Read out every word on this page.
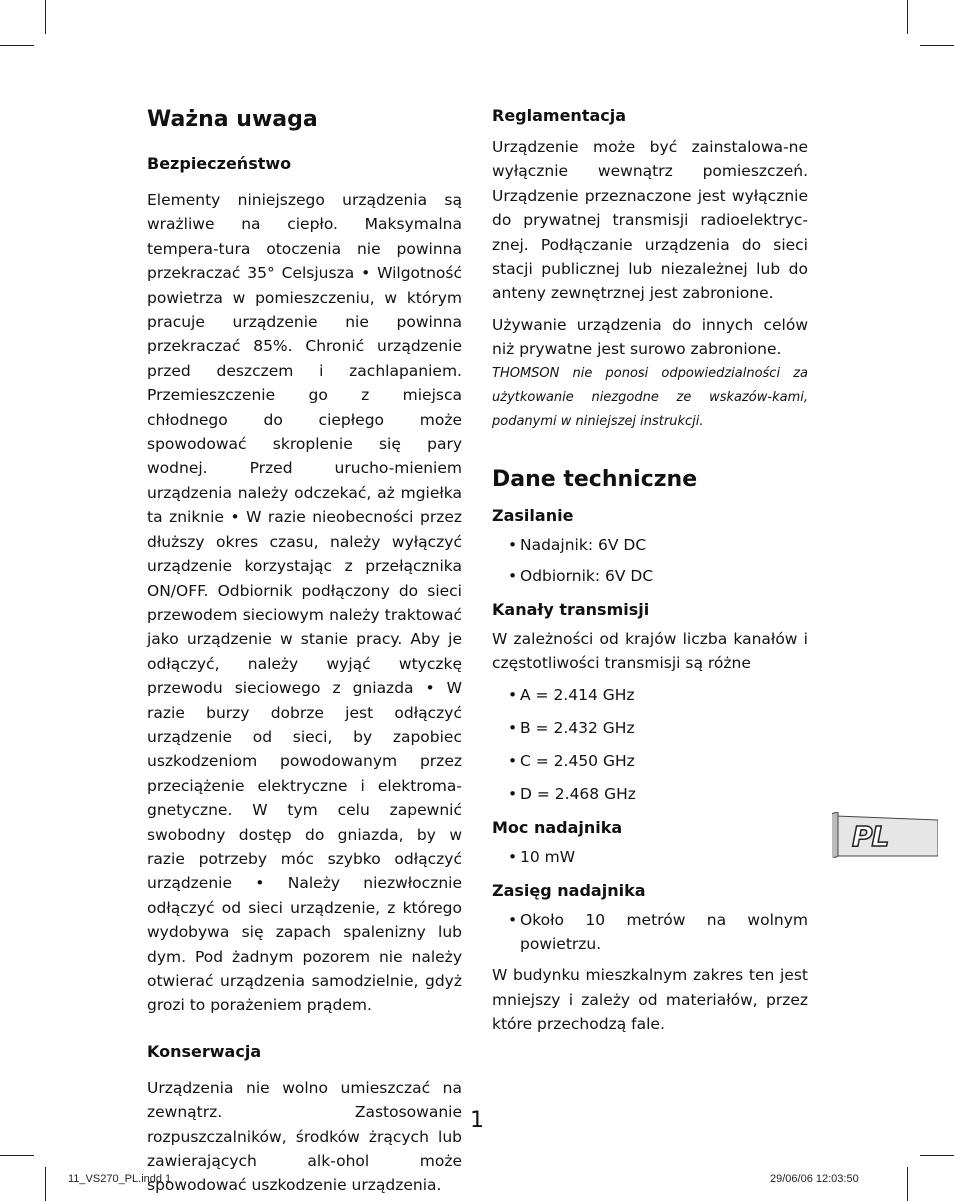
Ważna uwaga
Bezpieczeństwo

Elementy niniejszego urządzenia są wrażliwe na ciepło. Maksymalna tempera-tura otoczenia nie powinna przekraczać 35° Celsjusza • Wilgotność powietrza w pomieszczeniu, w którym pracuje urządzenie nie powinna przekraczać 85%. Chronić urządzenie przed deszczem i zachlapaniem. Przemieszczenie go z miejsca chłodnego do ciepłego może spowodować skroplenie się pary wodnej. Przed urucho-mieniem urządzenia należy odczekać, aż mgiełka ta zniknie • W razie nieobecności przez dłuższy okres czasu, należy wyłączyć urządzenie korzystając z przełącznika ON/OFF. Odbiornik podłączony do sieci przewodem sieciowym należy traktować jako urządzenie w stanie pracy. Aby je odłączyć, należy wyjąć wtyczkę przewodu sieciowego z gniazda • W razie burzy dobrze jest odłączyć urządzenie od sieci, by zapobiec uszkodzeniom powodowanym przez przeciążenie elektryczne i elektroma-gnetyczne. W tym celu zapewnić swobodny dostęp do gniazda, by w razie potrzeby móc szybko odłączyć urządzenie • Należy niezwłocznie odłączyć od sieci urządzenie, z którego wydobywa się zapach spalenizny lub dym. Pod żadnym pozorem nie należy otwierać urządzenia samodzielnie, gdyż grozi to porażeniem prądem.

Konserwacja

Urządzenia nie wolno umieszczać na zewnątrz. Zastosowanie rozpuszczalników, środków żrących lub zawierających alk-ohol może spowodować uszkodzenie urządzenia.

Reglamentacja

Urządzenie może być zainstalowa-ne wyłącznie wewnątrz pomieszczeń. Urządzenie przeznaczone jest wyłącznie do prywatnej transmisji radioelektryc-znej. Podłączanie urządzenia do sieci stacji publicznej lub niezależnej lub do anteny zewnętrznej jest zabronione.

Używanie urządzenia do innych celów niż prywatne jest surowo zabronione.

THOMSON nie ponosi odpowiedzialności za użytkowanie niezgodne ze wskazów-kami, podanymi w niniejszej instrukcji.

Dane techniczne
Zasilanie
• Nadajnik: 6V DC
• Odbiornik: 6V DC
Kanały transmisji

W zależności od krajów liczba kanałów i częstotliwości transmisji są różne

• A = 2.414 GHz
• B = 2.432 GHz
• C = 2.450 GHz
• D = 2.468 GHz
Moc nadajnika
• 10 mW
Zasięg nadajnika
• Około 10 metrów na wolnym powietrzu.

W budynku mieszkalnym zakres ten jest mniejszy i zależy od materiałów, przez które przechodzą fale.

PL
1
11_VS270_PL.indd 1	29/06/06 12:03:50
